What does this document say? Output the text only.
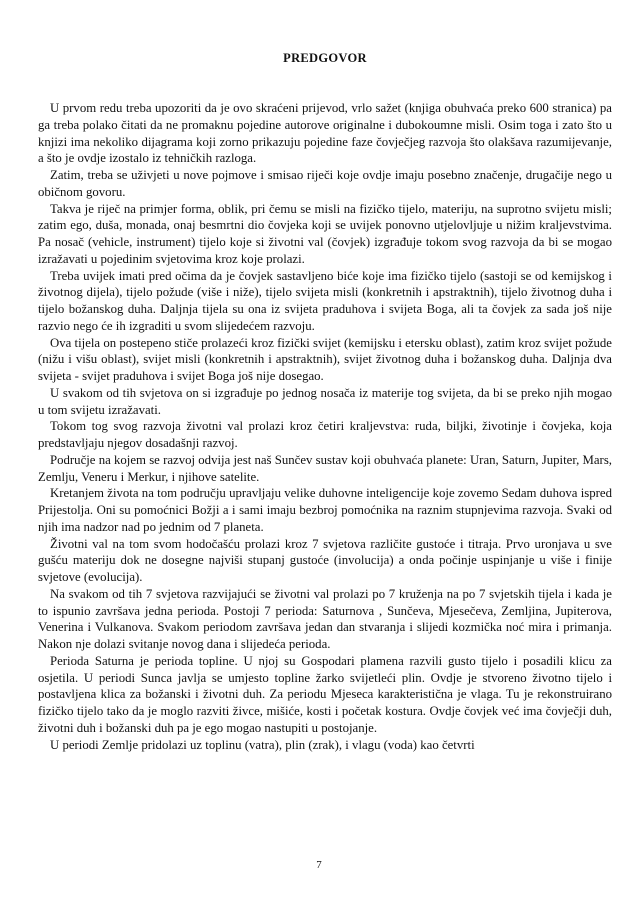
PREDGOVOR

U prvom redu treba upozoriti da je ovo skraćeni prijevod, vrlo sažet (knjiga obuhvaća preko 600 stranica) pa ga treba polako čitati da ne promaknu pojedine autorove originalne i dubokoumne misli. Osim toga i zato što u knjizi ima nekoliko dijagrama koji zorno prikazuju pojedine faze čovječjeg razvoja što olakšava razumijevanje, a što je ovdje izostalo iz tehničkih razloga.

Zatim, treba se uživjeti u nove pojmove i smisao riječi koje ovdje imaju posebno značenje, drugačije nego u običnom govoru.

Takva je riječ na primjer forma, oblik, pri čemu se misli na fizičko tijelo, materiju, na suprotno svijetu misli; zatim ego, duša, monada, onaj besmrtni dio čovjeka koji se uvijek ponovno utjelovljuje u nižim kraljevstvima. Pa nosač (vehicle, instrument) tijelo koje si životni val (čovjek) izgrađuje tokom svog razvoja da bi se mogao izražavati u pojedinim svjetovima kroz koje prolazi.

Treba uvijek imati pred očima da je čovjek sastavljeno biće koje ima fizičko tijelo (sastoji se od kemijskog i životnog dijela), tijelo požude (više i niže), tijelo svijeta misli (konkretnih i apstraktnih), tijelo životnog duha i tijelo božanskog duha. Daljnja tijela su ona iz svijeta praduhova i svijeta Boga, ali ta čovjek za sada još nije razvio nego će ih izgraditi u svom slijedećem razvoju.

Ova tijela on postepeno stiče prolazeći kroz fizički svijet (kemijsku i etersku oblast), zatim kroz svijet požude (nižu i višu oblast), svijet misli (konkretnih i apstraktnih), svijet životnog duha i božanskog duha. Daljnja dva svijeta - svijet praduhova i svijet Boga još nije dosegao.

U svakom od tih svjetova on si izgrađuje po jednog nosača iz materije tog svijeta, da bi se preko njih mogao u tom svijetu izražavati.

Tokom tog svog razvoja životni val prolazi kroz četiri kraljevstva: ruda, biljki, životinje i čovjeka, koja predstavljaju njegov dosadašnji razvoj.

Područje na kojem se razvoj odvija jest naš Sunčev sustav koji obuhvaća planete: Uran, Saturn, Jupiter, Mars, Zemlju, Veneru i Merkur, i njihove satelite.

Kretanjem života na tom području upravljaju velike duhovne inteligencije koje zovemo Sedam duhova ispred Prijestolja. Oni su pomoćnici Božji a i sami imaju bezbroj pomoćnika na raznim stupnjevima razvoja. Svaki od njih ima nadzor nad po jednim od 7 planeta.

Životni val na tom svom hodočašću prolazi kroz 7 svjetova različite gustoće i titraja. Prvo uronjava u sve gušću materiju dok ne dosegne najviši stupanj gustoće (involucija) a onda počinje uspinjanje u više i finije svjetove (evolucija).

Na svakom od tih 7 svjetova razvijajući se životni val prolazi po 7 kruženja na po 7 svjetskih tijela i kada je to ispunio završava jedna perioda. Postoji 7 perioda: Saturnova , Sunčeva, Mjesečeva, Zemljina, Jupiterova, Venerina i Vulkanova. Svakom periodom završava jedan dan stvaranja i slijedi kozmička noć mira i primanja. Nakon nje dolazi svitanje novog dana i slijedeća perioda.

Perioda Saturna je perioda topline. U njoj su Gospodari plamena razvili gusto tijelo i posadili klicu za osjetila. U periodi Sunca javlja se umjesto topline žarko svijetleći plin. Ovdje je stvoreno životno tijelo i postavljena klica za božanski i životni duh. Za periodu Mjeseca karakteristična je vlaga. Tu je rekonstruirano fizičko tijelo tako da je moglo razviti živce, mišiće, kosti i početak kostura. Ovdje čovjek već ima čovječji duh, životni duh i božanski duh pa je ego mogao nastupiti u postojanje.

U periodi Zemlje pridolazi uz toplinu (vatra), plin (zrak), i vlagu (voda) kao četvrti

7
